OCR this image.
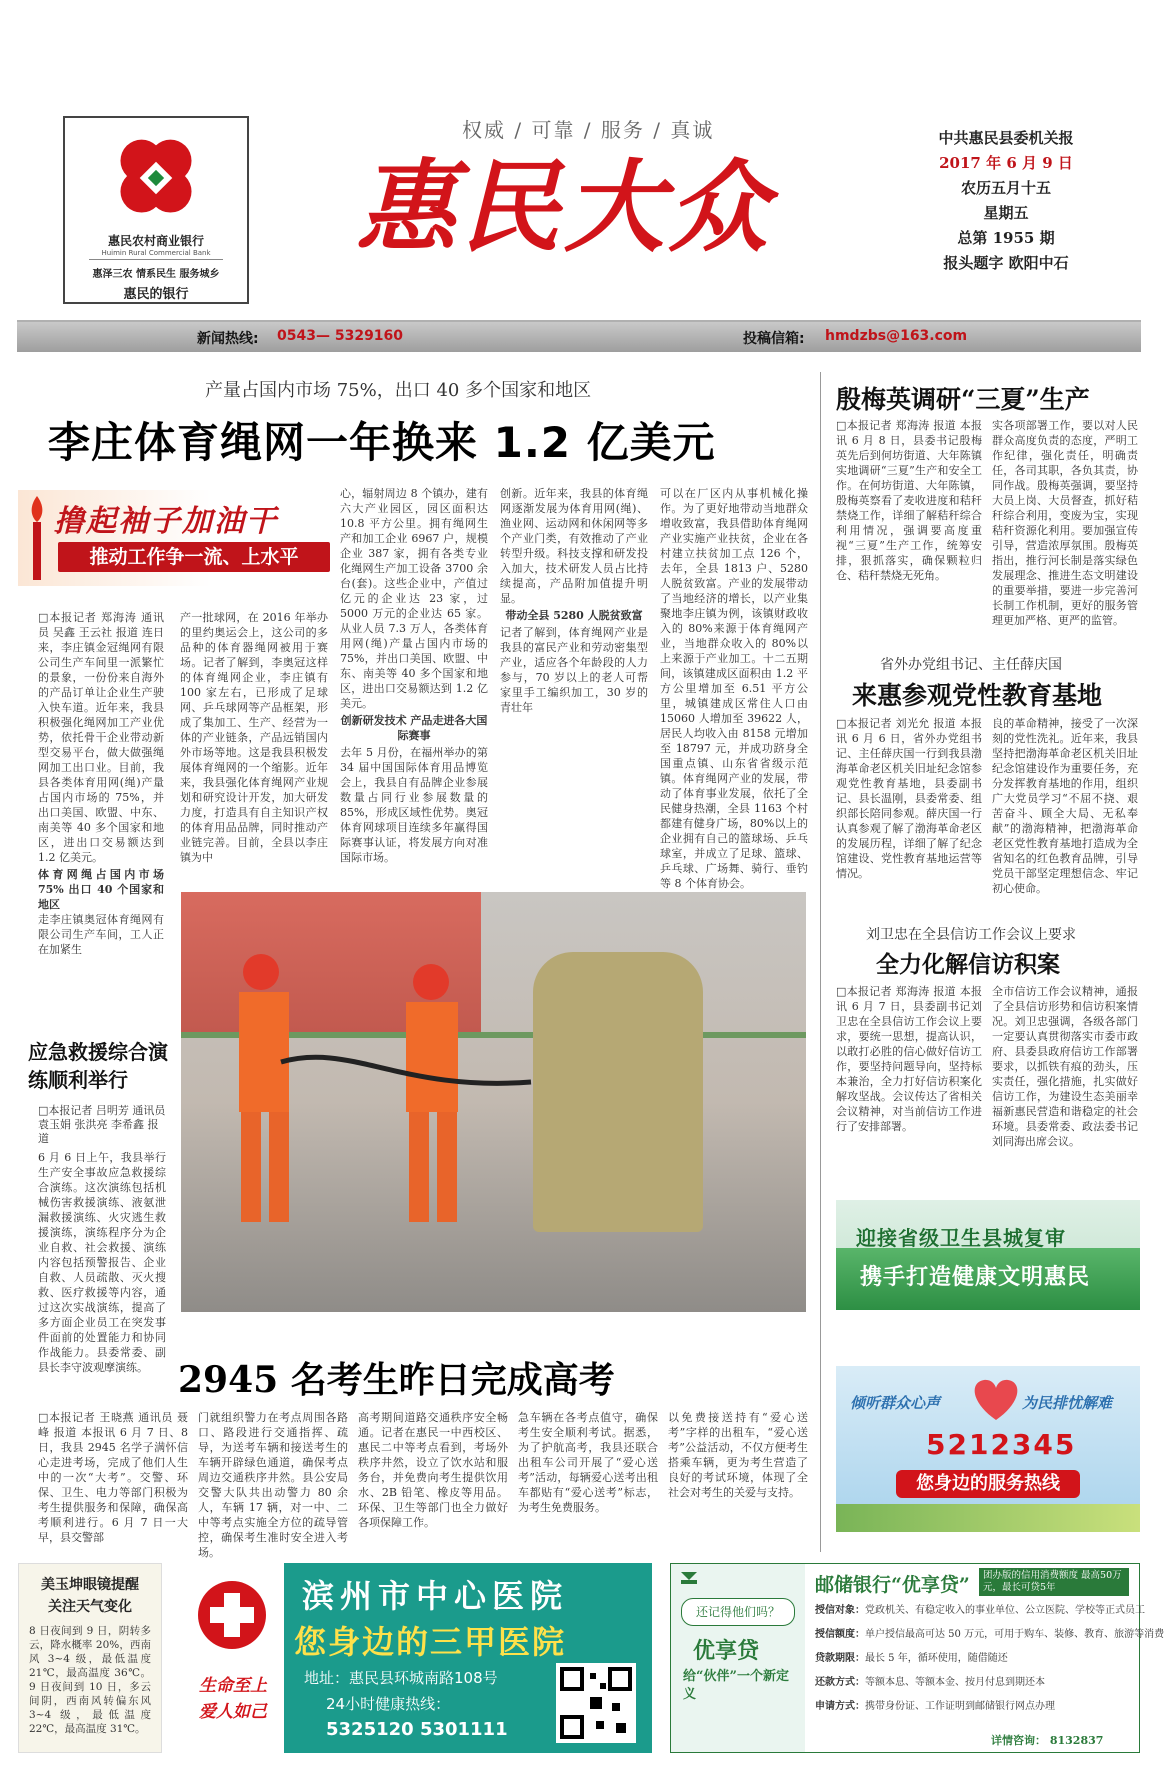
惠民农村商业银行
Huimin Rural Commercial Bank
惠泽三农 情系民生 服务城乡
惠民的银行
权威 / 可靠 / 服务 / 真诚
惠民大众
中共惠民县委机关报
2017 年 6 月 9 日
农历五月十五
星期五
总第 1955 期
报头题字 欧阳中石
新闻热线: 0543— 5329160	投稿信箱: hmdzbs@163.com
产量占国内市场 75%，出口 40 多个国家和地区
李庄体育绳网一年换来 1.2 亿美元
撸起袖子加油干
推动工作争一流、上水平
□本报记者 郑海涛 通讯员 吴鑫 王云社 报道 连日来，李庄镇金冠绳网有限公司生产车间里一派繁忙的景象，一份份来自海外的产品订单让企业生产驶入快车道。近年来，我县积极强化绳网加工产业优势，依托骨干企业带动新型交易平台，做大做强绳网加工出口业。目前，我县各类体育用网(绳)产量占国内市场的 75%，并出口美国、欧盟、中东、南美等 40 多个国家和地区，进出口交易额达到 1.2 亿美元。
体育网绳占国内市场 75% 出口 40 个国家和地区
走李庄镇奥冠体育绳网有限公司生产车间，工人正在加紧生
产一批球网，在 2016 年举办的里约奥运会上，这公司的多品种的体育器绳网被用于赛场。记者了解到，李奥冠这样的体育绳网企业，李庄镇有 100 家左右，已形成了足球网、乒乓球网等产品框架，形成了集加工、生产、经营为一体的产业链条，产品远销国内外市场等地。这是我县积极发展体育绳网的一个缩影。近年来，我县强化体育绳网产业规划和研究设计开发，加大研发力度，打造具有自主知识产权的体育用品品牌，同时推动产业链完善。目前，全县以李庄镇为中
心，辐射周边 8 个镇办，建有六大产业园区，园区面积达 10.8 平方公里。拥有绳网生产和加工企业 6967 户，规模企业 387 家，拥有各类专业化绳网生产加工设备 3700 余台(套)。这些企业中，产值过亿元的企业达 23 家，过 5000 万元的企业达 65 家。从业人员 7.3 万人，各类体育用网(绳)产量占国内市场的 75%，并出口美国、欧盟、中东、南美等 40 多个国家和地区，进出口交易额达到 1.2 亿美元。
创新研发技术 产品走进各大国际赛事
去年 5 月份，在福州举办的第 34 届中国国际体育用品博览会上，我县自有品牌企业参展数量占同行业参展数量的 85%，形成区域性优势。奥冠体育网球项目连续多年赢得国际赛事认证，将发展方向对准国际市场。
创新。近年来，我县的体育绳网逐渐发展为体育用网(绳)、渔业网、运动网和休闲网等多个产业门类，有效推动了产业转型升级。科技支撑和研发投入加大，技术研发人员占比持续提高，产品附加值提升明显。
带动全县 5280 人脱贫致富
记者了解到，体育绳网产业是我县的富民产业和劳动密集型产业，适应各个年龄段的人力参与，70 岁以上的老人可帮家里手工编织加工，30 岁的青壮年
可以在厂区内从事机械化操作。为了更好地带动当地群众增收致富，我县借助体育绳网产业实施产业扶贫，企业在各村建立扶贫加工点 126 个，去年，全县 1813 户、5280 人脱贫致富。产业的发展带动了当地经济的增长，以产业集聚地李庄镇为例，该镇财政收入的 80%来源于体育绳网产业，当地群众收入的 80%以上来源于产业加工。十二五期间，该镇建成区面积由 1.2 平方公里增加至 6.51 平方公里，城镇建成区常住人口由 15060 人增加至 39622 人，居民人均收入由 8158 元增加至 18797 元，并成功跻身全国重点镇、山东省省级示范镇。体育绳网产业的发展，带动了体育事业发展，依托了全民健身热潮，全县 1163 个村都建有健身广场，80%以上的企业拥有自己的篮球场、乒乓球室，并成立了足球、篮球、乒乓球、广场舞、骑行、垂钓等 8 个体育协会。
殷梅英调研“三夏”生产
□本报记者 郑海涛 报道 本报讯 6 月 8 日，县委书记殷梅英先后到何坊街道、大年陈镇实地调研“三夏”生产和安全工作。在何坊街道、大年陈镇，殷梅英察看了麦收进度和秸秆禁烧工作，详细了解秸秆综合利用情况，强调要高度重视“三夏”生产工作，统筹安排，狠抓落实，确保颗粒归仓、秸秆禁烧无死角。
实各项部署工作，要以对人民群众高度负责的态度，严明工作纪律，强化责任，明确责任，各司其职，各负其责，协同作战。殷梅英强调，要坚持大员上岗、大员督查，抓好秸秆综合利用，变废为宝，实现秸秆资源化利用。要加强宣传引导，营造浓厚氛围。殷梅英指出，推行河长制是落实绿色发展理念、推进生态文明建设的重要举措，要进一步完善河长制工作机制，更好的服务管理更加严格、更严的监管。
省外办党组书记、主任薛庆国
来惠参观党性教育基地
□本报记者 刘光允 报道 本报讯 6 月 6 日，省外办党组书记、主任薛庆国一行到我县渤海革命老区机关旧址纪念馆参观党性教育基地，县委副书记、县长温刚，县委常委、组织部长陪同参观。薛庆国一行认真参观了解了渤海革命老区的发展历程，详细了解了纪念馆建设、党性教育基地运营等情况。
良的革命精神，接受了一次深刻的党性洗礼。近年来，我县坚持把渤海革命老区机关旧址纪念馆建设作为重要任务，充分发挥教育基地的作用，组织广大党员学习“不屈不挠、艰苦奋斗、顾全大局、无私奉献”的渤海精神，把渤海革命老区党性教育基地打造成为全省知名的红色教育品牌，引导党员干部坚定理想信念、牢记初心使命。
刘卫忠在全县信访工作会议上要求
全力化解信访积案
□本报记者 郑海涛 报道 本报讯 6 月 7 日，县委副书记刘卫忠在全县信访工作会议上要求，要统一思想，提高认识，以敢打必胜的信心做好信访工作，要坚持问题导向，坚持标本兼治，全力打好信访积案化解攻坚战。会议传达了省相关会议精神，对当前信访工作进行了安排部署。
全市信访工作会议精神，通报了全县信访形势和信访积案情况。刘卫忠强调，各级各部门一定要认真贯彻落实市委市政府、县委县政府信访工作部署要求，以抓铁有痕的劲头，压实责任，强化措施，扎实做好信访工作，为建设生态美丽幸福新惠民营造和谐稳定的社会环境。县委常委、政法委书记刘同海出席会议。
应急救援综合演练顺利举行
□本报记者 吕明芳 通讯员 袁玉娟 张洪亮 李希鑫 报道
6 月 6 日上午，我县举行生产安全事故应急救援综合演练。这次演练包括机械伤害救援演练、液氨泄漏救援演练、火灾逃生救援演练，演练程序分为企业自救、社会救援、演练内容包括预警报告、企业自救、人员疏散、灭火搜救、医疗救援等内容，通过这次实战演练，提高了多方面企业员工在突发事件面前的处置能力和协同作战能力。县委常委、副县长李守波观摩演练。 2945 名考生昨日完成高考
□本报记者 王晓燕 通讯员 聂 峰 报道 本报讯 6 月 7 日、8 日，我县 2945 名学子满怀信心走进考场，完成了他们人生中的一次“大考”。交警、环保、卫生、电力等部门积极为考生提供服务和保障，确保高考顺利进行。6 月 7 日一大早，县交警部
门就组织警力在考点周围各路口、路段进行交通指挥、疏导，为送考车辆和接送考生的车辆开辟绿色通道，确保考点周边交通秩序井然。县公安局交警大队共出动警力 80 余人，车辆 17 辆，对一中、二中等考点实施全方位的疏导管控，确保考生准时安全进入考场。
高考期间道路交通秩序安全畅通。记者在惠民一中西校区、惠民二中等考点看到，考场外秩序井然，设立了饮水站和服务台，并免费向考生提供饮用水、2B 铅笔、橡皮等用品。环保、卫生等部门也全力做好各项保障工作。
急车辆在各考点值守，确保考生安全顺利考试。据悉，为了护航高考，我县还联合出租车公司开展了“爱心送考”活动，每辆爱心送考出租车都贴有“爱心送考”标志，为考生免费服务。
以免费接送持有“爱心送考”字样的出租车，“爱心送考”公益活动，不仅方便考生搭乘车辆，更为考生营造了良好的考试环境，体现了全社会对考生的关爱与支持。
迎接省级卫生县城复审
携手打造健康文明惠民
倾听群众心声	为民排忧解难
5212345
您身边的服务热线
美玉坤眼镜提醒
关注天气变化
8 日夜间到 9 日，阴转多云，降水概率 20%，西南风 3~4 级，最低温度 21℃，最高温度 36℃。9 日夜间到 10 日，多云间阴，西南风转偏东风 3~4 级，最低温度 22℃，最高温度 31℃。
生命至上 爱人如己
滨州市中心医院
您身边的三甲医院
地址：惠民县环城南路108号
24小时健康热线：
5325120 5301111
还记得他们吗？
优享贷
给“伙伴”一个新定义
邮储银行“优享贷”	团办版的信用消费额度 最高50万元，最长可贷5年
授信对象：党政机关、有稳定收入的事业单位、公立医院、学校等正式员工
授信额度：单户授信最高可达 50 万元，可用于购车、装修、教育、旅游等消费
贷款期限：最长 5 年，循环使用，随借随还
还款方式：等额本息、等额本金、按月付息到期还本
申请方式：携带身份证、工作证明到邮储银行网点办理
详情咨询： 8132837
